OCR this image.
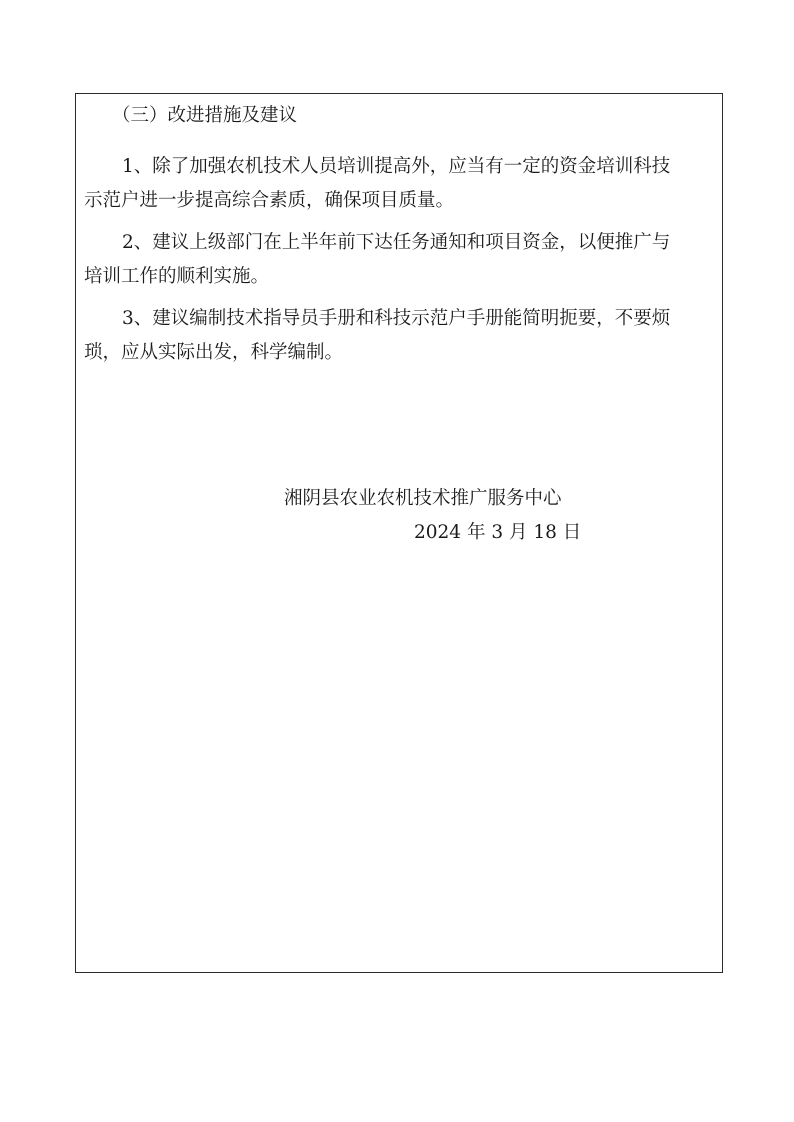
（三）改进措施及建议
1、除了加强农机技术人员培训提高外，应当有一定的资金培训科技
示范户进一步提高综合素质，确保项目质量。
2、建议上级部门在上半年前下达任务通知和项目资金，以便推广与
培训工作的顺利实施。
3、建议编制技术指导员手册和科技示范户手册能简明扼要，不要烦
琐，应从实际出发，科学编制。
湘阴县农业农机技术推广服务中心
2024 年 3 月 18 日
